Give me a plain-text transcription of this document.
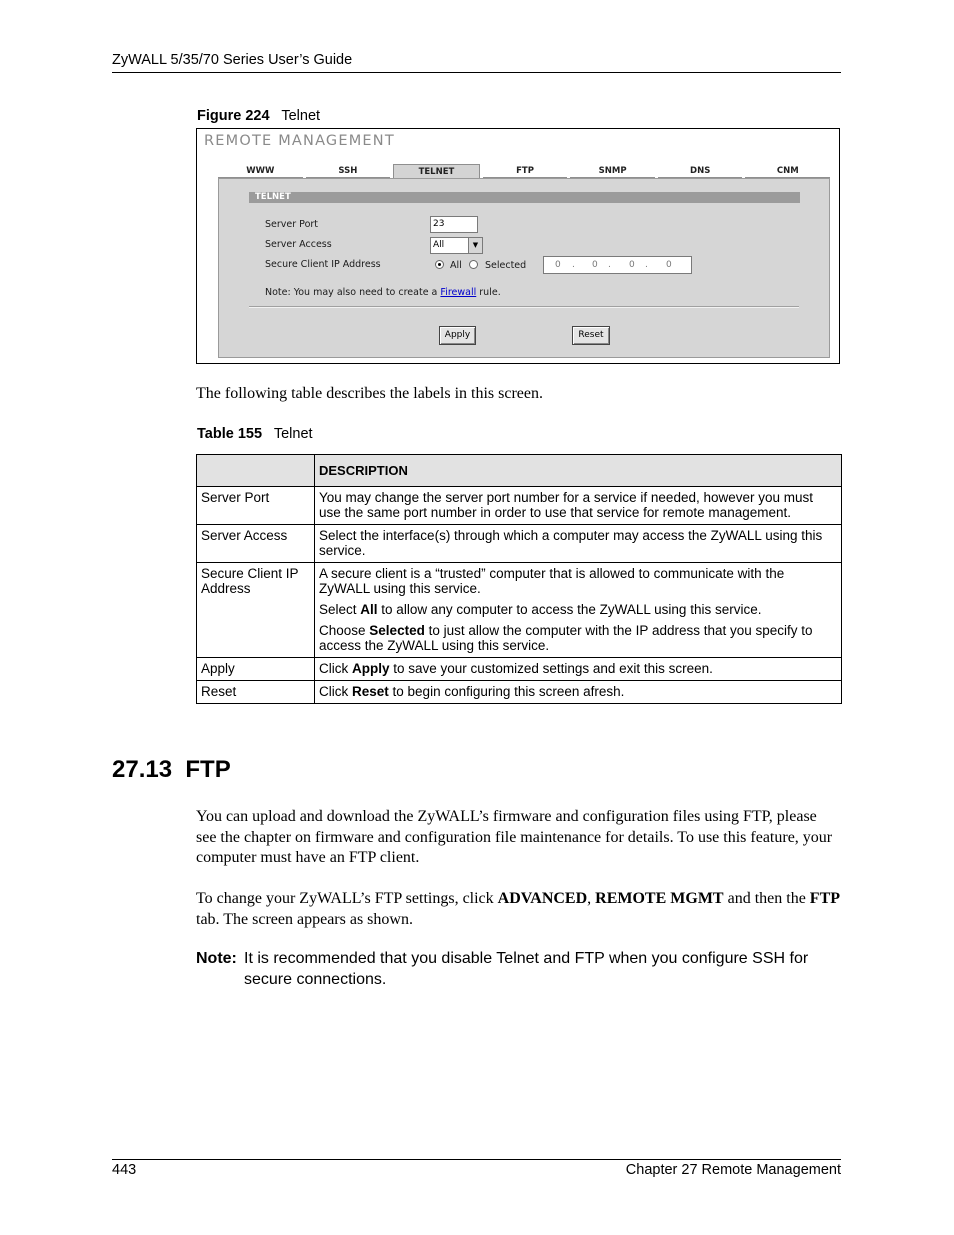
ZyWALL 5/35/70 Series User’s Guide
Figure 224 Telnet
REMOTE MANAGEMENT
WWW	SSH	TELNET	FTP	SNMP	DNS	CNM
TELNET
Server Port	23
Server Access	All	▼
Secure Client IP Address	All Selected	0 . 0 . 0 . 0
Note: You may also need to create a Firewall rule.
Apply	Reset
The following table describes the labels in this screen.
Table 155 Telnet
	DESCRIPTION
Server Port	You may change the server port number for a service if needed, however you must use the same port number in order to use that service for remote management.

Server Access	Select the interface(s) through which a computer may access the ZyWALL using this service.

Secure Client IP Address	A secure client is a “trusted” computer that is allowed to communicate with the ZyWALL using this service.

Select All to allow any computer to access the ZyWALL using this service.

Choose Selected to just allow the computer with the IP address that you specify to access the ZyWALL using this service.

Apply	Click Apply to save your customized settings and exit this screen.

Reset	Click Reset to begin configuring this screen afresh.

27.13  FTP
You can upload and download the ZyWALL’s firmware and configuration files using FTP, please see the chapter on firmware and configuration file maintenance for details. To use this feature, your computer must have an FTP client.
To change your ZyWALL’s FTP settings, click ADVANCED, REMOTE MGMT and then the FTP tab. The screen appears as shown.
Note: It is recommended that you disable Telnet and FTP when you configure SSH for secure connections.
443	Chapter 27 Remote Management
